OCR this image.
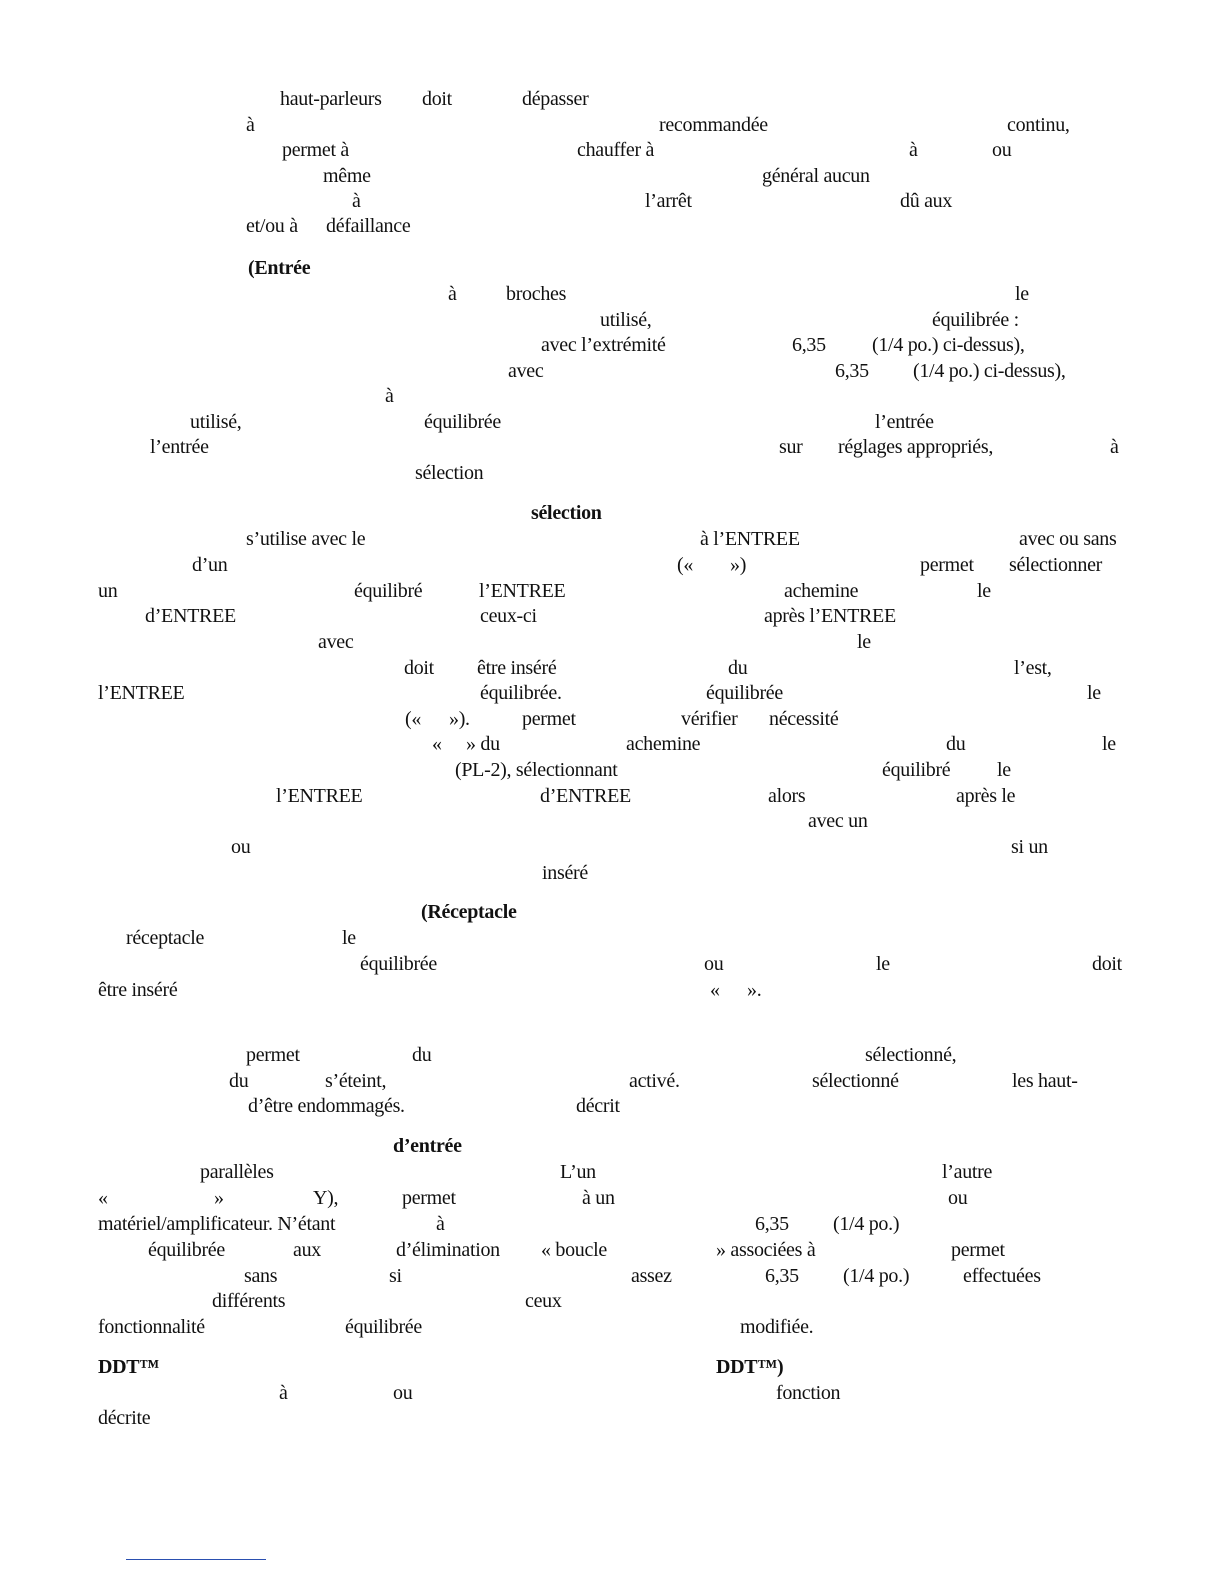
haut-parleurs doit	dépasser
à	recommandée	continu,
permet à	chauffer à	à	ou
même	général aucun
à	l’arrêt	dû aux
et/ou à défaillance
(Entrée
à broches	le
utilisé,	équilibrée :
avec l’extrémité	6,35 (1/4 po.) ci-dessus),
avec	6,35 (1/4 po.) ci-dessus),
à
utilisé,	équilibrée	l’entrée
l’entrée	sur réglages appropriés,	à
sélection
sélection
s’utilise avec le	à l’ENTREE	avec ou sans
d’un	(« »)	permet sélectionner
un	équilibré	l’ENTREE	achemine	le
d’ENTREE	ceux-ci	après l’ENTREE
avec	le
doit être inséré	du	l’est,
l’ENTREE	équilibrée.	équilibrée	le
(« »).	permet	vérifier nécessité
« » du	achemine	du	le
(PL-2), sélectionnant	équilibré le
l’ENTREE	d’ENTREE	alors	après le
avec un
ou	si un
inséré
(Réceptacle
réceptacle	le
équilibrée	ou	le	doit
être inséré	« ».
permet	du	sélectionné,
du	s’éteint,	activé.	sélectionné	les haut-
d’être endommagés.	décrit
d’entrée
parallèles	L’un	l’autre
«	»	Y),	permet	à un	ou
matériel/amplificateur. N’étant	à	6,35 (1/4 po.)
équilibrée	aux	d’élimination « boucle	» associées à	permet
sans	si	assez	6,35 (1/4 po.)	effectuées
différents	ceux
fonctionnalité	équilibrée	modifiée.
DDT™	DDT™)
à	ou	fonction
décrite
